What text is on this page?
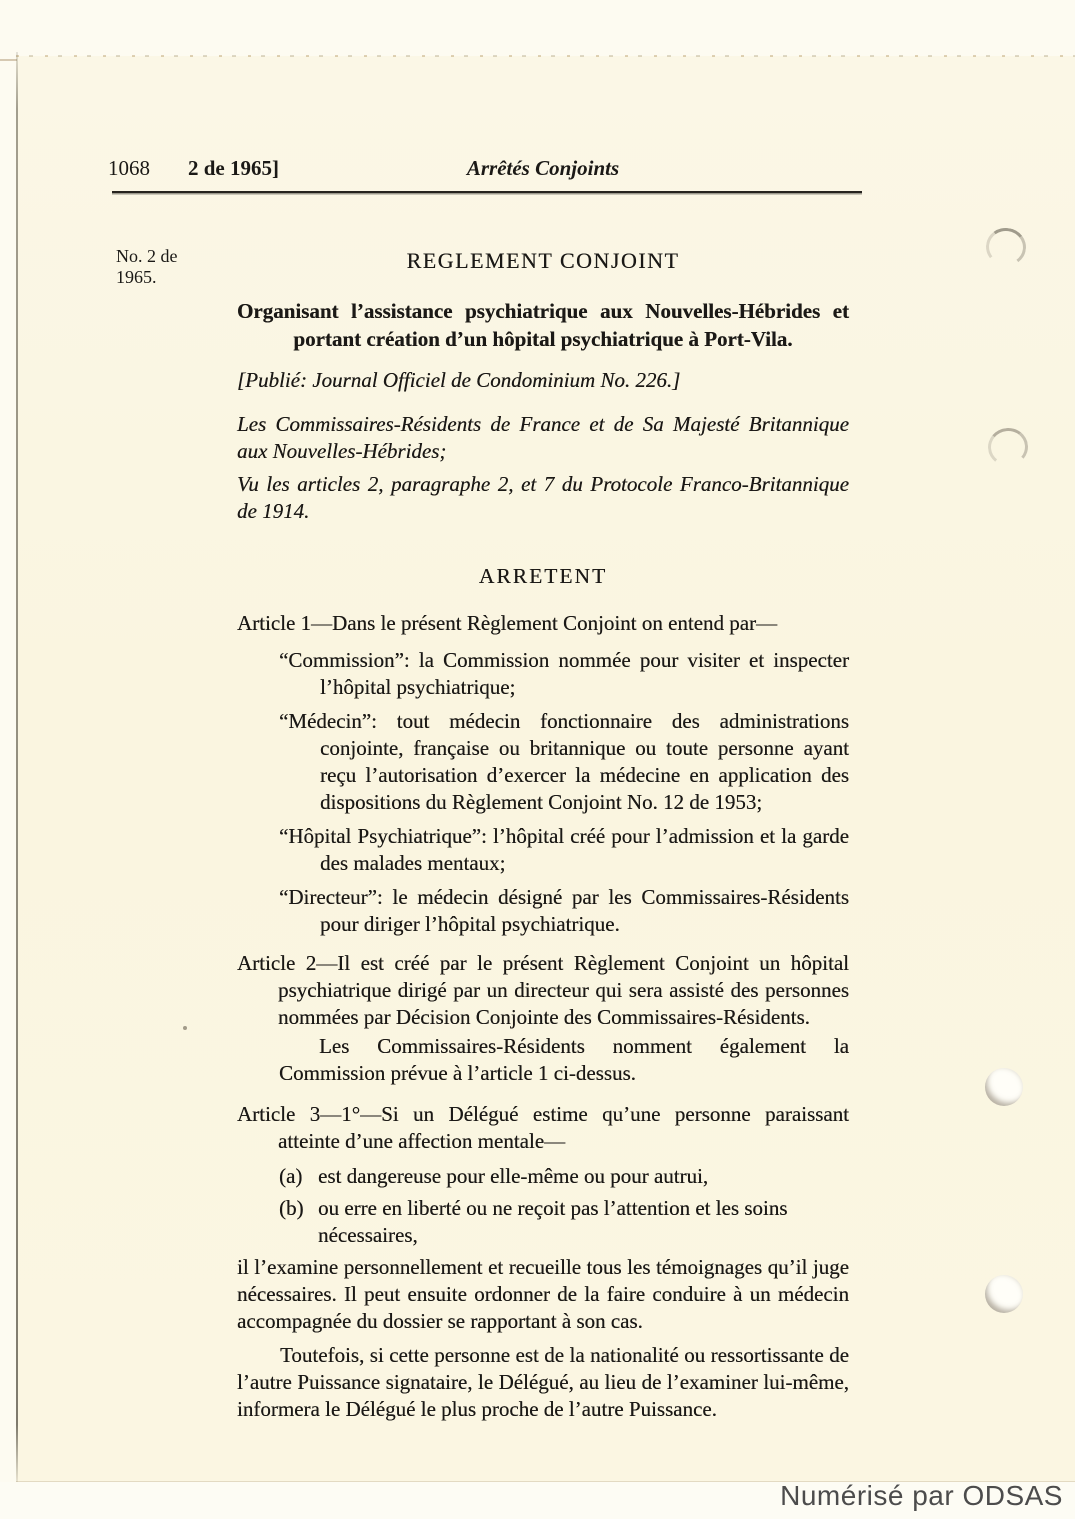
1068 2 de 1965]	Arrêtés Conjoints
No. 2 de
1965.
REGLEMENT CONJOINT
Organisant l’assistance psychiatrique aux Nouvelles-Hébrides et
portant création d’un hôpital psychiatrique à Port-Vila.
[Publié: Journal Officiel de Condominium No. 226.]
Les Commissaires-Résidents de France et de Sa Majesté Britannique aux Nouvelles-Hébrides;
Vu les articles 2, paragraphe 2, et 7 du Protocole Franco-Britannique de 1914.
ARRETENT
Article 1—Dans le présent Règlement Conjoint on entend par—
“Commission”: la Commission nommée pour visiter et inspecter l’hôpital psychiatrique;
“Médecin”: tout médecin fonctionnaire des administrations conjointe, française ou britannique ou toute personne ayant reçu l’autorisation d’exercer la médecine en application des dispositions du Règlement Conjoint No. 12 de 1953;
“Hôpital Psychiatrique”: l’hôpital créé pour l’admission et la garde des malades mentaux;
“Directeur”: le médecin désigné par les Commissaires-Résidents pour diriger l’hôpital psychiatrique.
Article 2—Il est créé par le présent Règlement Conjoint un hôpital psychiatrique dirigé par un directeur qui sera assisté des personnes nommées par Décision Conjointe des Commissaires-Résidents.
Les Commissaires-Résidents nomment également la Commission prévue à l’article 1 ci-dessus.
Article 3—1°—Si un Délégué estime qu’une personne paraissant atteinte d’une affection mentale—
(a) est dangereuse pour elle-même ou pour autrui,
(b) ou erre en liberté ou ne reçoit pas l’attention et les soins nécessaires,
il l’examine personnellement et recueille tous les témoignages qu’il juge nécessaires. Il peut ensuite ordonner de la faire conduire à un médecin accompagnée du dossier se rapportant à son cas.
Toutefois, si cette personne est de la nationalité ou ressortissante de l’autre Puissance signataire, le Délégué, au lieu de l’examiner lui-même, informera le Délégué le plus proche de l’autre Puissance.
Numérisé par ODSAS
